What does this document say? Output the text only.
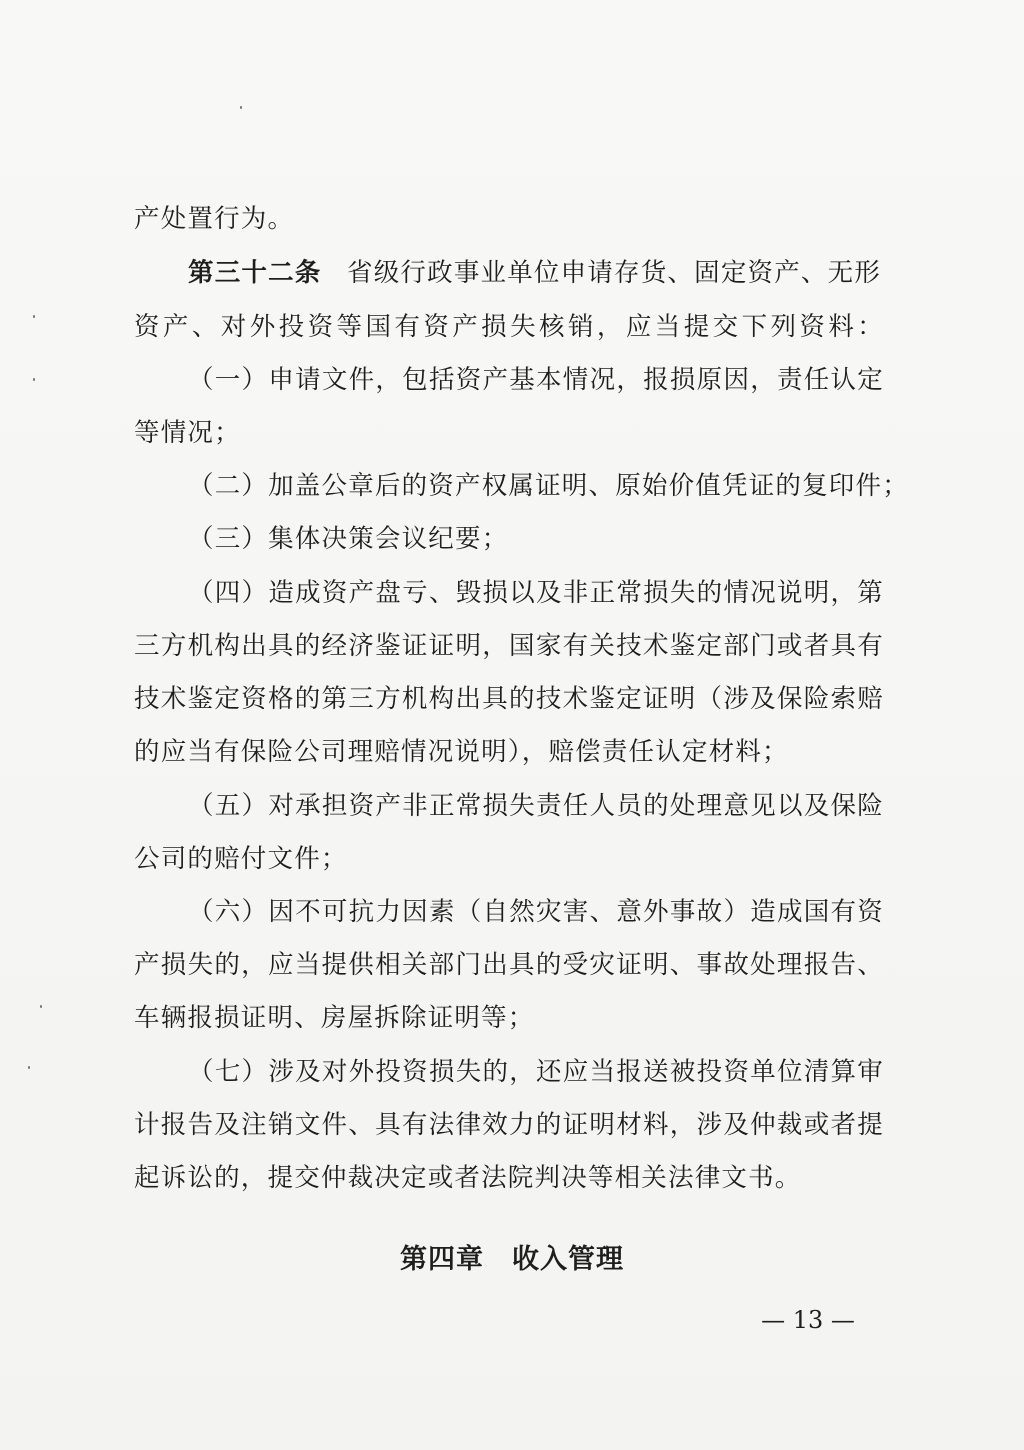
产处置行为。
第三十二条  省级行政事业单位申请存货、固定资产、无形
资产、对外投资等国有资产损失核销，应当提交下列资料：
（一）申请文件，包括资产基本情况，报损原因，责任认定
等情况；
（二）加盖公章后的资产权属证明、原始价值凭证的复印件；
（三）集体决策会议纪要；
（四）造成资产盘亏、毁损以及非正常损失的情况说明，第
三方机构出具的经济鉴证证明，国家有关技术鉴定部门或者具有
技术鉴定资格的第三方机构出具的技术鉴定证明（涉及保险索赔
的应当有保险公司理赔情况说明），赔偿责任认定材料；
（五）对承担资产非正常损失责任人员的处理意见以及保险
公司的赔付文件；
（六）因不可抗力因素（自然灾害、意外事故）造成国有资
产损失的，应当提供相关部门出具的受灾证明、事故处理报告、
车辆报损证明、房屋拆除证明等；
（七）涉及对外投资损失的，还应当报送被投资单位清算审
计报告及注销文件、具有法律效力的证明材料，涉及仲裁或者提
起诉讼的，提交仲裁决定或者法院判决等相关法律文书。
第四章　收入管理
— 13 —
